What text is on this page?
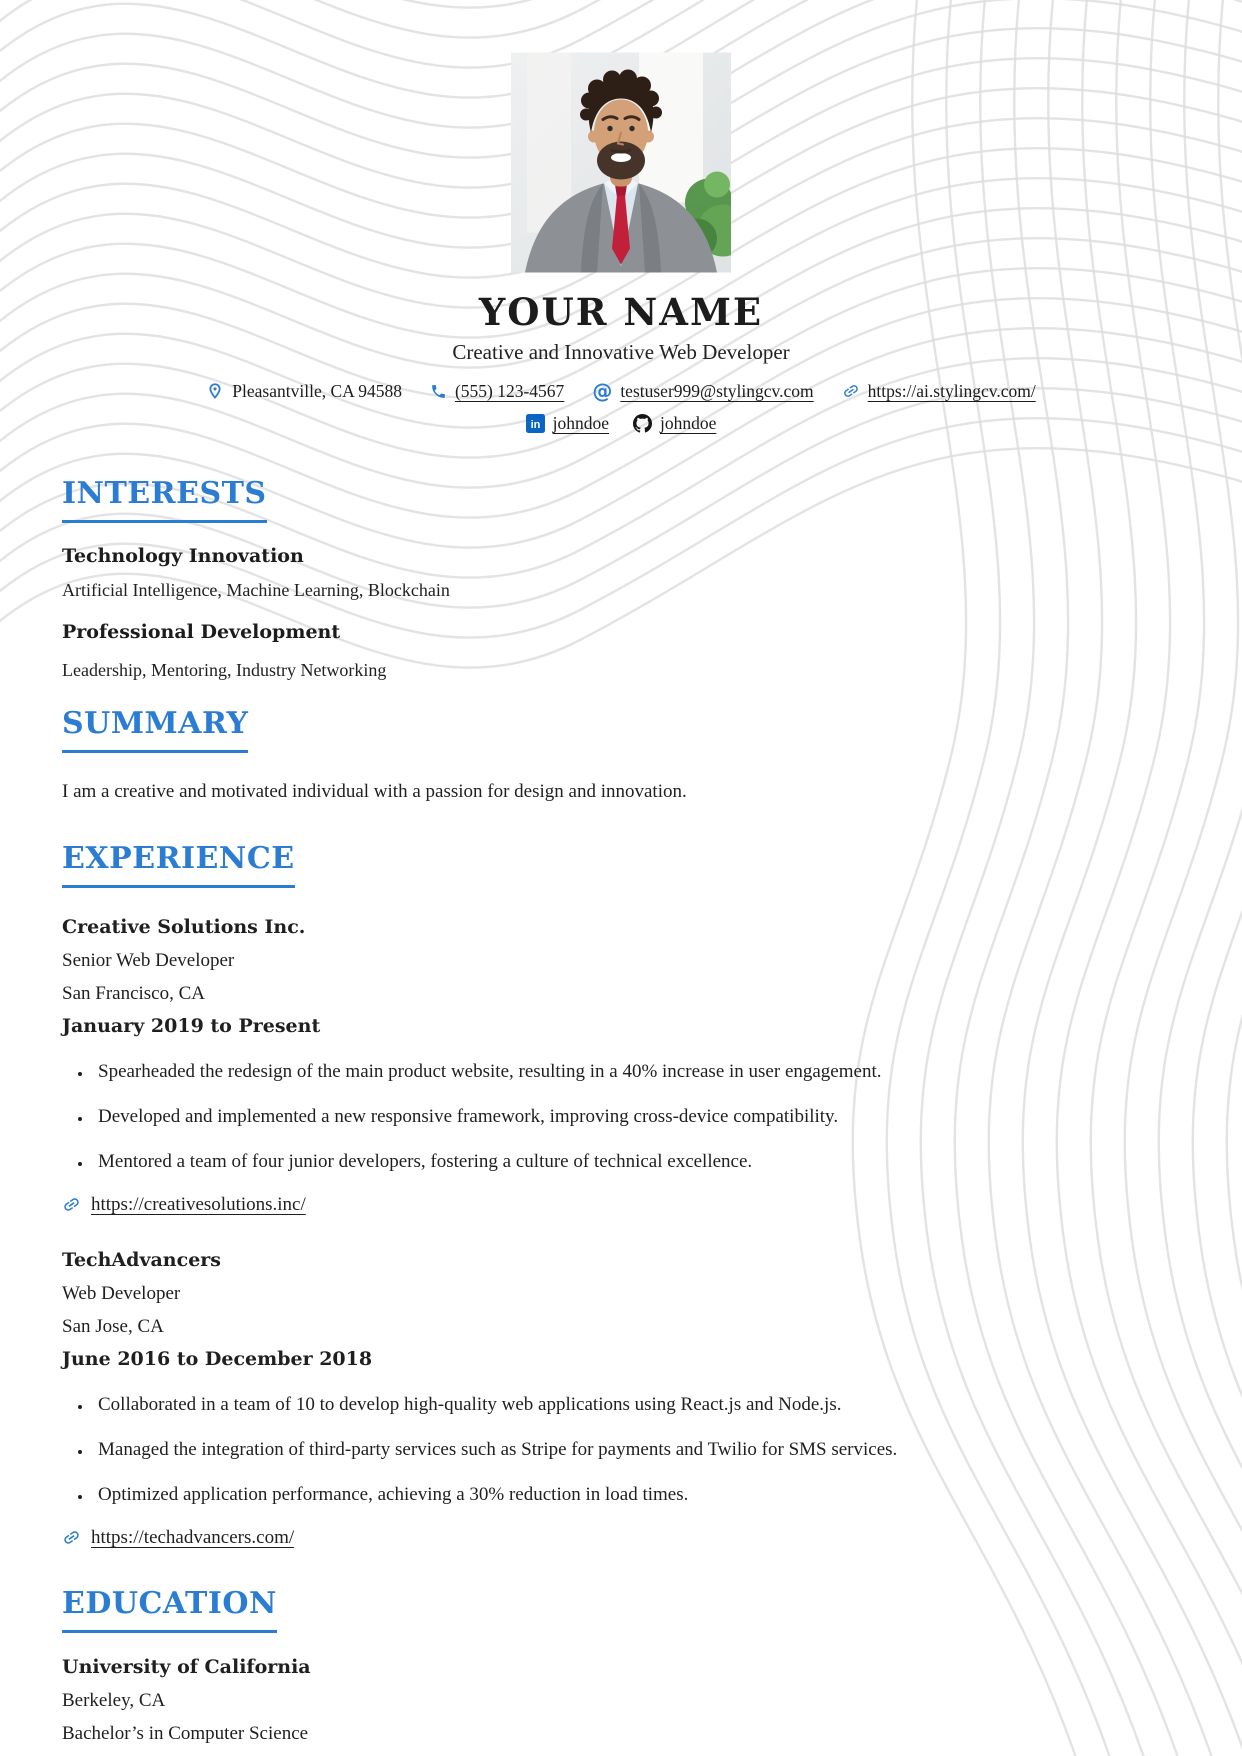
YOUR NAME

Creative and Innovative Web Developer

Pleasantville, CA 94588	(555) 123-4567 @ testuser999@stylingcv.com	https://ai.stylingcv.com/
in johndoe	johndoe
INTERESTS

Technology Innovation

Artificial Intelligence, Machine Learning, Blockchain

Professional Development

Leadership, Mentoring, Industry Networking

SUMMARY

I am a creative and motivated individual with a passion for design and innovation.

EXPERIENCE

Creative Solutions Inc.

Senior Web Developer

San Francisco, CA

January 2019 to Present

• Spearheaded the redesign of the main product website, resulting in a 40% increase in user engagement.
• Developed and implemented a new responsive framework, improving cross-device compatibility.
• Mentored a team of four junior developers, fostering a culture of technical excellence.
https://creativesolutions.inc/

TechAdvancers

Web Developer

San Jose, CA

June 2016 to December 2018

• Collaborated in a team of 10 to develop high-quality web applications using React.js and Node.js.
• Managed the integration of third-party services such as Stripe for payments and Twilio for SMS services.
• Optimized application performance, achieving a 30% reduction in load times.
https://techadvancers.com/
EDUCATION

University of California

Berkeley, CA

Bachelor’s in Computer Science
